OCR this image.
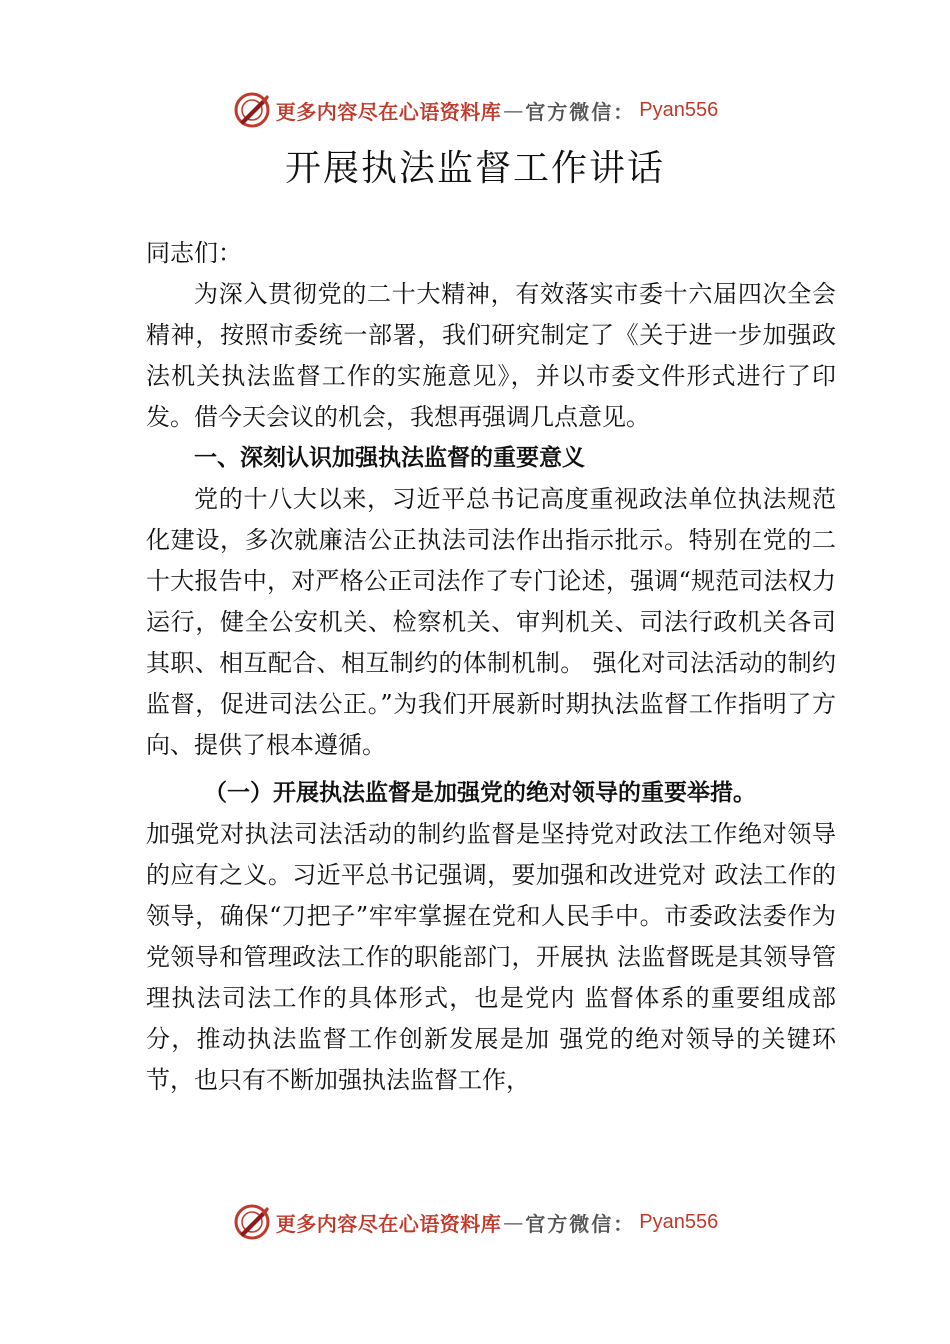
更多内容尽在心语资料库 — 官方微信： Pyan556
开展执法监督工作讲话

同志们：

为深入贯彻党的二十大精神，有效落实市委十六届四次全会精神，按照市委统一部署，我们研究制定了《关于进一步加强政法机关执法监督工作的实施意见》，并以市委文件形式进行了印发。借今天会议的机会，我想再强调几点意见。

一、深刻认识加强执法监督的重要意义

党的十八大以来，习近平总书记高度重视政法单位执法规范化建设，多次就廉洁公正执法司法作出指示批示。特别在党的二十大报告中，对严格公正司法作了专门论述，强调“规范司法权力运行，健全公安机关、检察机关、审判机关、司法行政机关各司其职、相互配合、相互制约的体制机制。 强化对司法活动的制约监督，促进司法公正。”为我们开展新时期执法监督工作指明了方向、提供了根本遵循。

（一）开展执法监督是加强党的绝对领导的重要举措。

加强党对执法司法活动的制约监督是坚持党对政法工作绝对领导的应有之义。习近平总书记强调，要加强和改进党对 政法工作的领导，确保“刀把子”牢牢掌握在党和人民手中。市委政法委作为党领导和管理政法工作的职能部门，开展执 法监督既是其领导管理执法司法工作的具体形式，也是党内 监督体系的重要组成部分，推动执法监督工作创新发展是加 强党的绝对领导的关键环节，也只有不断加强执法监督工作，

更多内容尽在心语资料库 — 官方微信： Pyan556
